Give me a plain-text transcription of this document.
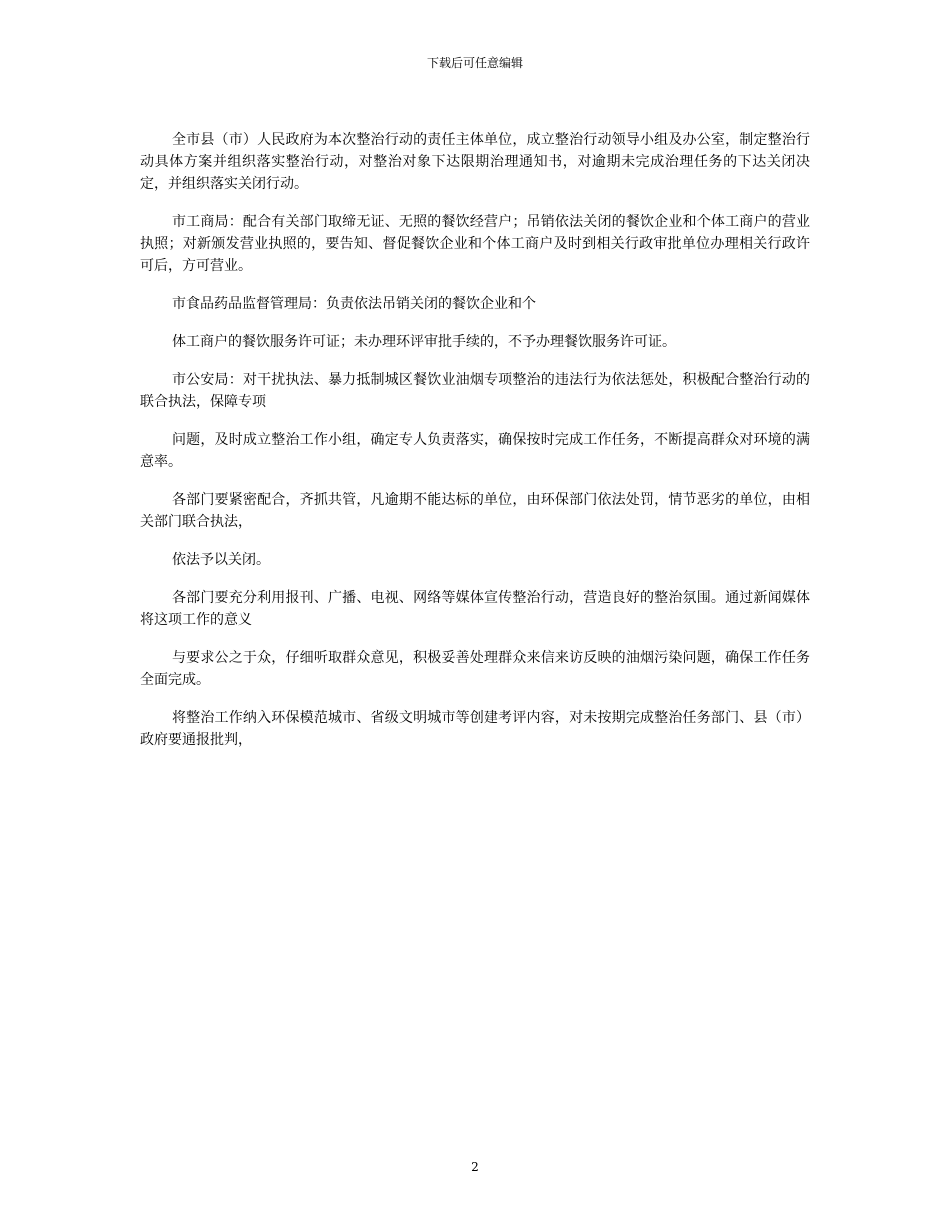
下载后可任意编辑

全市县（市）人民政府为本次整治行动的责任主体单位，成立整治行动领导小组及办公室，制定整治行动具体方案并组织落实整治行动，对整治对象下达限期治理通知书，对逾期未完成治理任务的下达关闭决定，并组织落实关闭行动。

市工商局：配合有关部门取缔无证、无照的餐饮经营户；吊销依法关闭的餐饮企业和个体工商户的营业执照；对新颁发营业执照的，要告知、督促餐饮企业和个体工商户及时到相关行政审批单位办理相关行政许可后，方可营业。

市食品药品监督管理局：负责依法吊销关闭的餐饮企业和个

体工商户的餐饮服务许可证；未办理环评审批手续的，不予办理餐饮服务许可证。

市公安局：对干扰执法、暴力抵制城区餐饮业油烟专项整治的违法行为依法惩处，积极配合整治行动的联合执法，保障专项

问题，及时成立整治工作小组，确定专人负责落实，确保按时完成工作任务，不断提高群众对环境的满意率。

各部门要紧密配合，齐抓共管，凡逾期不能达标的单位，由环保部门依法处罚，情节恶劣的单位，由相关部门联合执法，

依法予以关闭。

各部门要充分利用报刊、广播、电视、网络等媒体宣传整治行动，营造良好的整治氛围。通过新闻媒体将这项工作的意义

与要求公之于众，仔细听取群众意见，积极妥善处理群众来信来访反映的油烟污染问题，确保工作任务全面完成。

将整治工作纳入环保模范城市、省级文明城市等创建考评内容，对未按期完成整治任务部门、县（市）政府要通报批判，

2
